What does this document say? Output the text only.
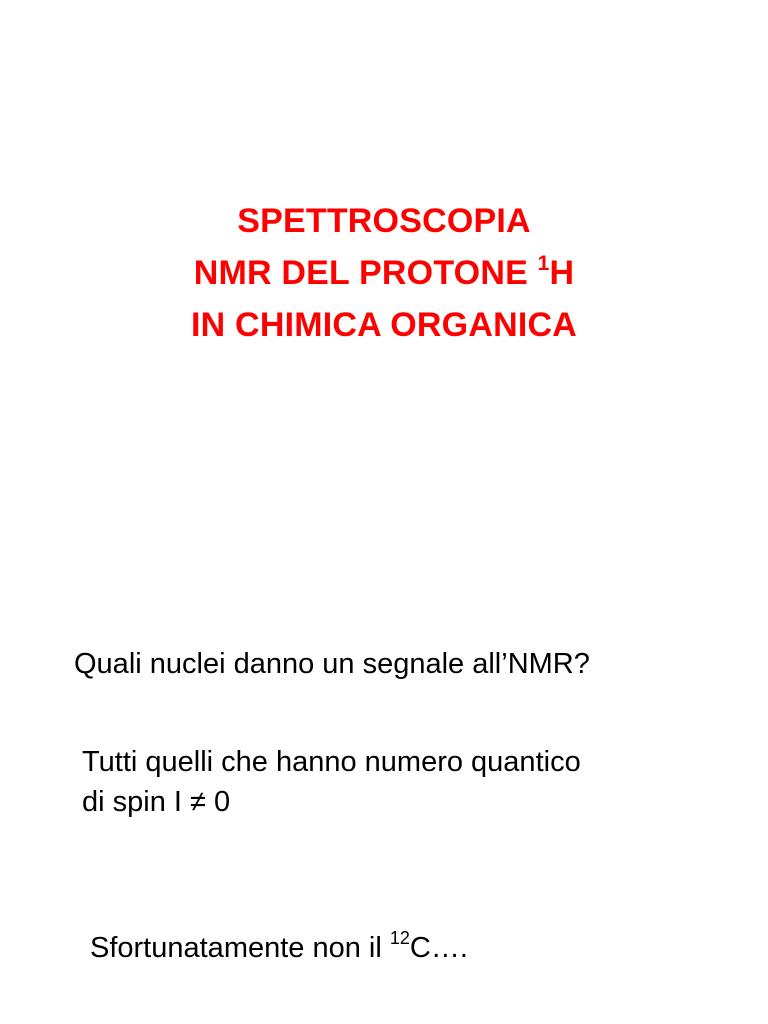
SPETTROSCOPIA
NMR DEL PROTONE $^1$H
IN CHIMICA ORGANICA
Quali nuclei danno un segnale all’NMR?
Tutti quelli che hanno numero quantico
di spin I ≠ 0
Sfortunatamente non il $^{12}$C….
